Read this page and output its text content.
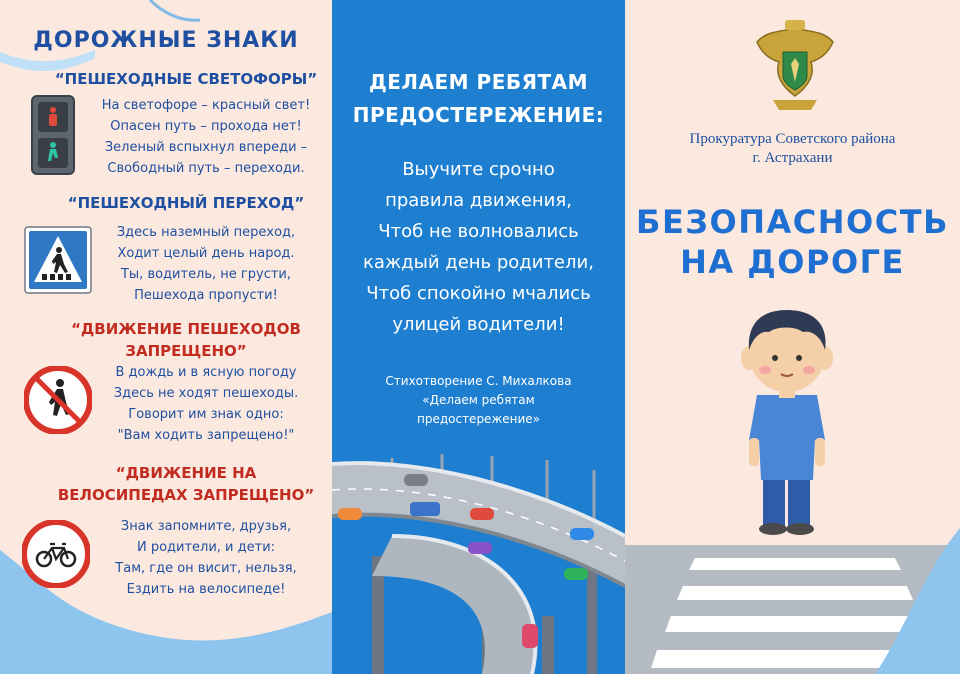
ДОРОЖНЫЕ ЗНАКИ
“ПЕШЕХОДНЫЕ СВЕТОФОРЫ”
На светофоре – красный свет!
Опасен путь – прохода нет!
Зеленый вспыхнул впереди –
Свободный путь – переходи.
“ПЕШЕХОДНЫЙ ПЕРЕХОД”
Здесь наземный переход,
Ходит целый день народ.
Ты, водитель, не грусти,
Пешехода пропусти!
“ДВИЖЕНИЕ ПЕШЕХОДОВ
ЗАПРЕЩЕНО”
В дождь и в ясную погоду
Здесь не ходят пешеходы.
Говорит им знак одно:
"Вам ходить запрещено!"
“ДВИЖЕНИЕ НА
ВЕЛОСИПЕДАХ ЗАПРЕЩЕНО”
Знак запомните, друзья,
И родители, и дети:
Там, где он висит, нельзя,
Ездить на велосипеде!
ДЕЛАЕМ РЕБЯТАМ
ПРЕДОСТЕРЕЖЕНИЕ:
Выучите срочно
правила движения,
Чтоб не волновались
каждый день родители,
Чтоб спокойно мчались
улицей водители!
Стихотворение С. Михалкова
«Делаем ребятам
предостережение»
Прокуратура Советского района
г. Астрахани
БЕЗОПАСНОСТЬ
НА ДОРОГЕ
